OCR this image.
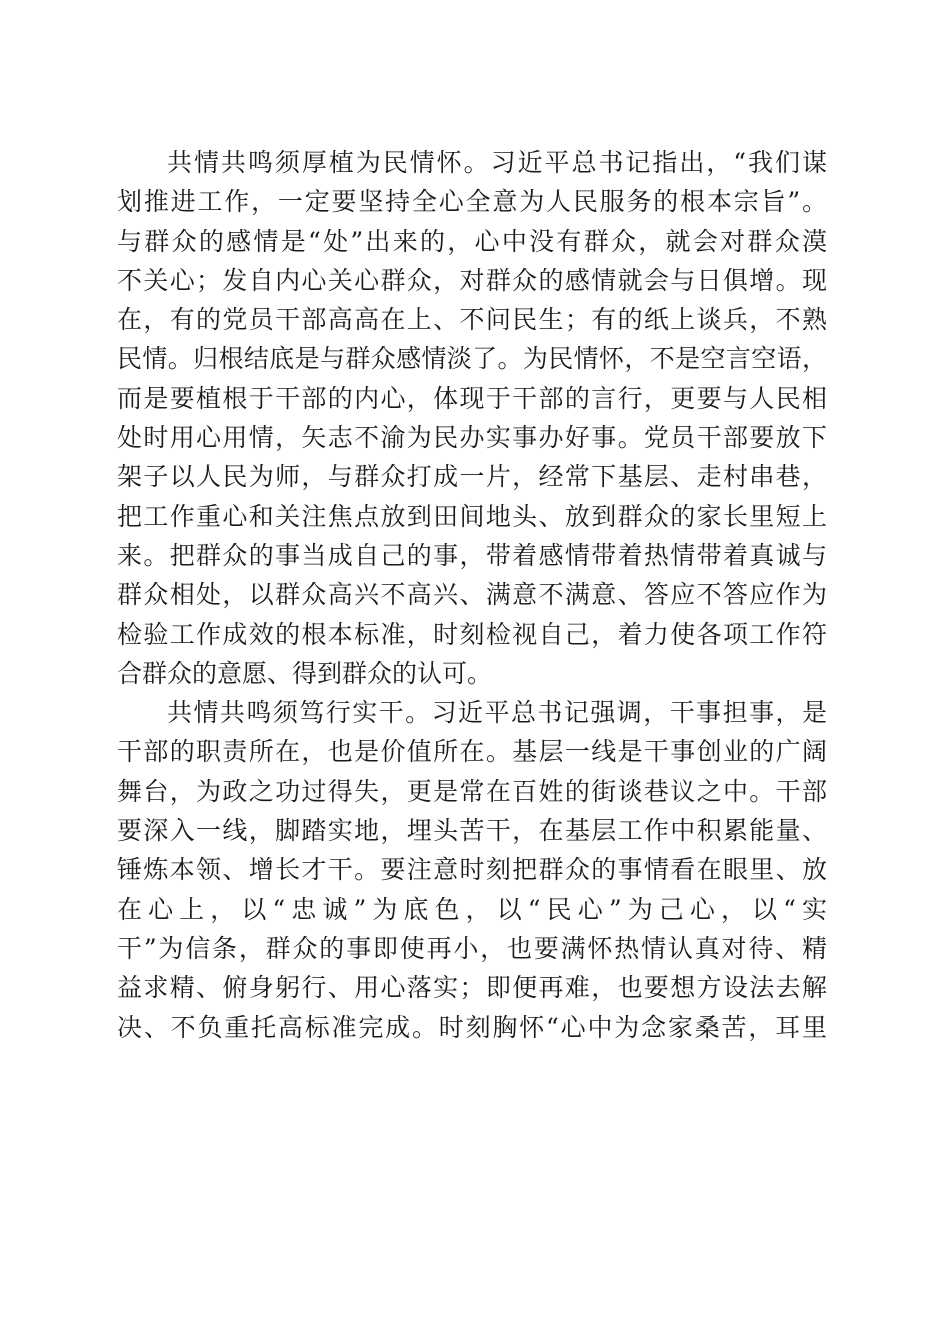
共情共鸣须厚植为民情怀。习近平总书记指出，“我们谋
划推进工作，一定要坚持全心全意为人民服务的根本宗旨”。
与群众的感情是“处”出来的，心中没有群众，就会对群众漠
不关心；发自内心关心群众，对群众的感情就会与日俱增。现
在，有的党员干部高高在上、不问民生；有的纸上谈兵，不熟
民情。归根结底是与群众感情淡了。为民情怀，不是空言空语，
而是要植根于干部的内心，体现于干部的言行，更要与人民相
处时用心用情，矢志不渝为民办实事办好事。党员干部要放下
架子以人民为师，与群众打成一片，经常下基层、走村串巷，
把工作重心和关注焦点放到田间地头、放到群众的家长里短上
来。把群众的事当成自己的事，带着感情带着热情带着真诚与
群众相处，以群众高兴不高兴、满意不满意、答应不答应作为
检验工作成效的根本标准，时刻检视自己，着力使各项工作符
合群众的意愿、得到群众的认可。

共情共鸣须笃行实干。习近平总书记强调，干事担事，是
干部的职责所在，也是价值所在。基层一线是干事创业的广阔
舞台，为政之功过得失，更是常在百姓的街谈巷议之中。干部
要深入一线，脚踏实地，埋头苦干，在基层工作中积累能量、
锤炼本领、增长才干。要注意时刻把群众的事情看在眼里、放
在心上，以“忠诚”为底色，以“民心”为己心，以“实
干”为信条，群众的事即使再小，也要满怀热情认真对待、精
益求精、俯身躬行、用心落实；即便再难，也要想方设法去解
决、不负重托高标准完成。时刻胸怀“心中为念家桑苦，耳里
